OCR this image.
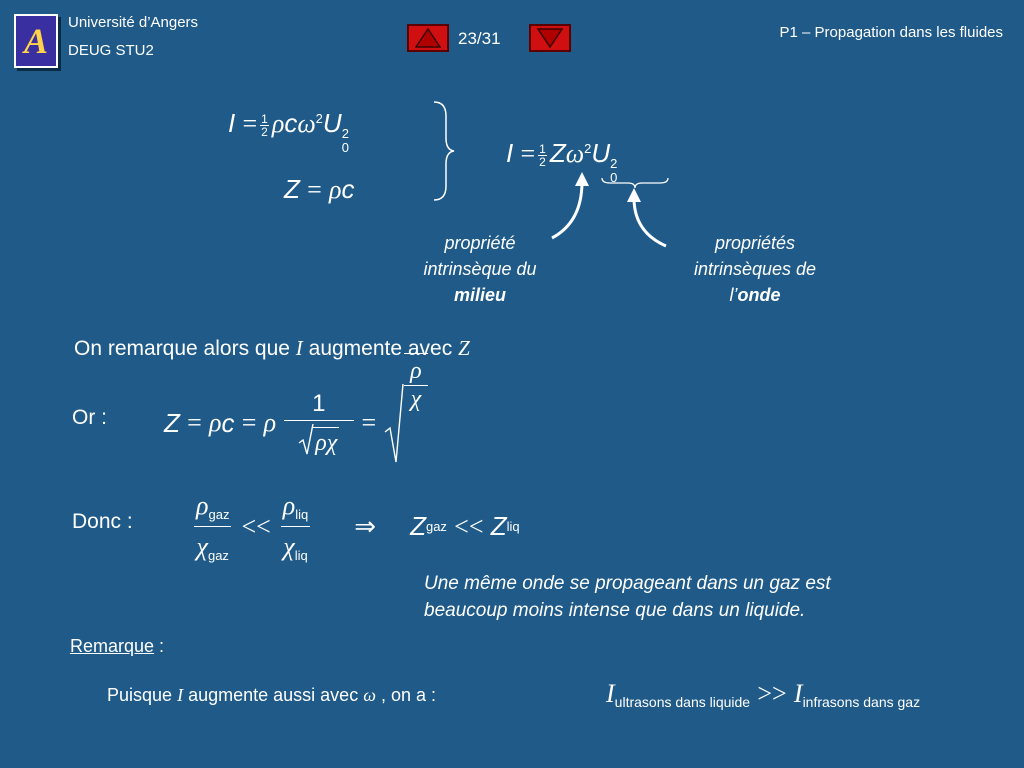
A Université d’Angers
DEUG STU2
23/31	P1 – Propagation dans les fluides
$I = \frac{1}{2} \rho c\omega^2U$ 2
0
Z = ρc
$I = \frac{1}{2} Z\omega^2U$ 2
0
propriété
intrinsèque du
milieu
propriétés
intrinsèques de
l’onde
On remarque alors que I augmente avec Z
Or : Z
=
ρ c
=
ρ $\frac{1}{\rho\chi}$ =
ρ
χ
Donc :
$\rho_{gaz}$
$\chi_{gaz}$
<<
$\rho_{liq}$
$\chi_{liq}$
⇒ Z gaz
<<
Z liq
Une même onde se propageant dans un gaz est
beaucoup moins intense que dans un liquide.
Remarque :
Puisque I augmente aussi avec ω , on a :	$I_{ultrasons dans liquide} >> I_{infrasons dans gaz}$
